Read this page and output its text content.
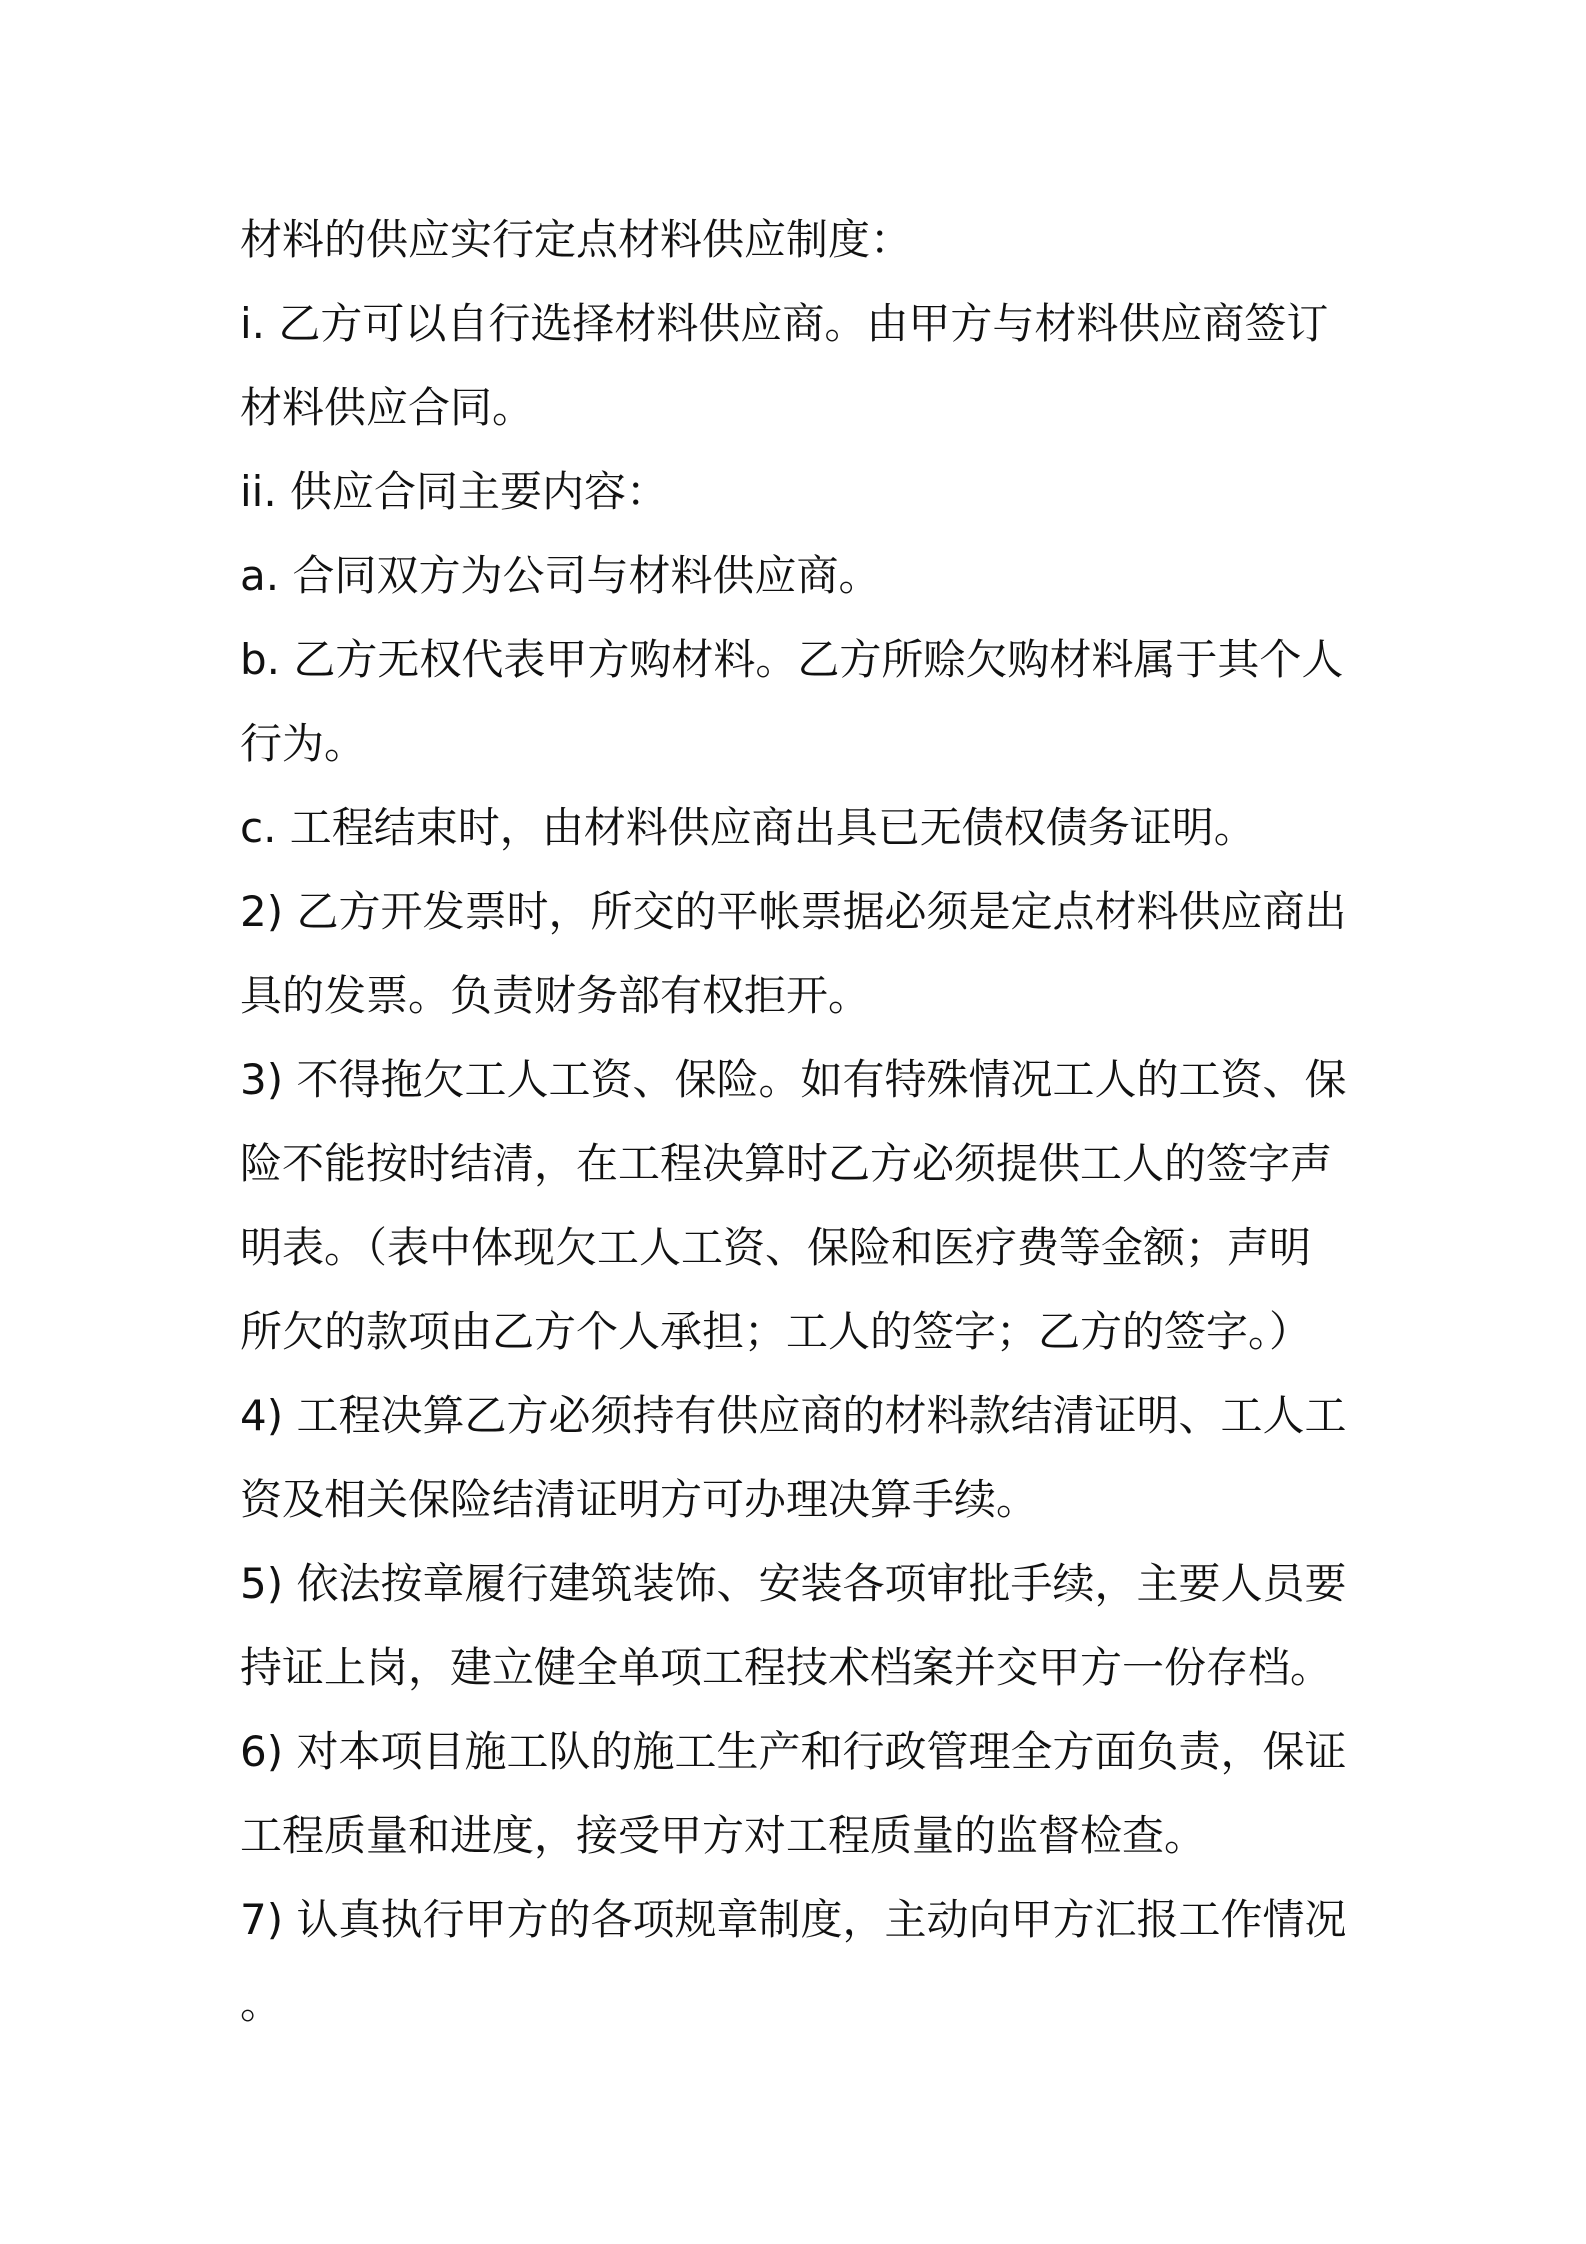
材料的供应实行定点材料供应制度：
i. 乙方可以自行选择材料供应商。由甲方与材料供应商签订
材料供应合同。
ii. 供应合同主要内容：
a. 合同双方为公司与材料供应商。
b. 乙方无权代表甲方购材料。乙方所赊欠购材料属于其个人
行为。
c. 工程结束时，由材料供应商出具已无债权债务证明。
2) 乙方开发票时，所交的平帐票据必须是定点材料供应商出
具的发票。负责财务部有权拒开。
3) 不得拖欠工人工资、保险。如有特殊情况工人的工资、保
险不能按时结清，在工程决算时乙方必须提供工人的签字声
明表。（表中体现欠工人工资、保险和医疗费等金额；声明
所欠的款项由乙方个人承担；工人的签字；乙方的签字。）
4) 工程决算乙方必须持有供应商的材料款结清证明、工人工
资及相关保险结清证明方可办理决算手续。
5) 依法按章履行建筑装饰、安装各项审批手续，主要人员要
持证上岗，建立健全单项工程技术档案并交甲方一份存档。
6) 对本项目施工队的施工生产和行政管理全方面负责，保证
工程质量和进度，接受甲方对工程质量的监督检查。
7) 认真执行甲方的各项规章制度，主动向甲方汇报工作情况
。
